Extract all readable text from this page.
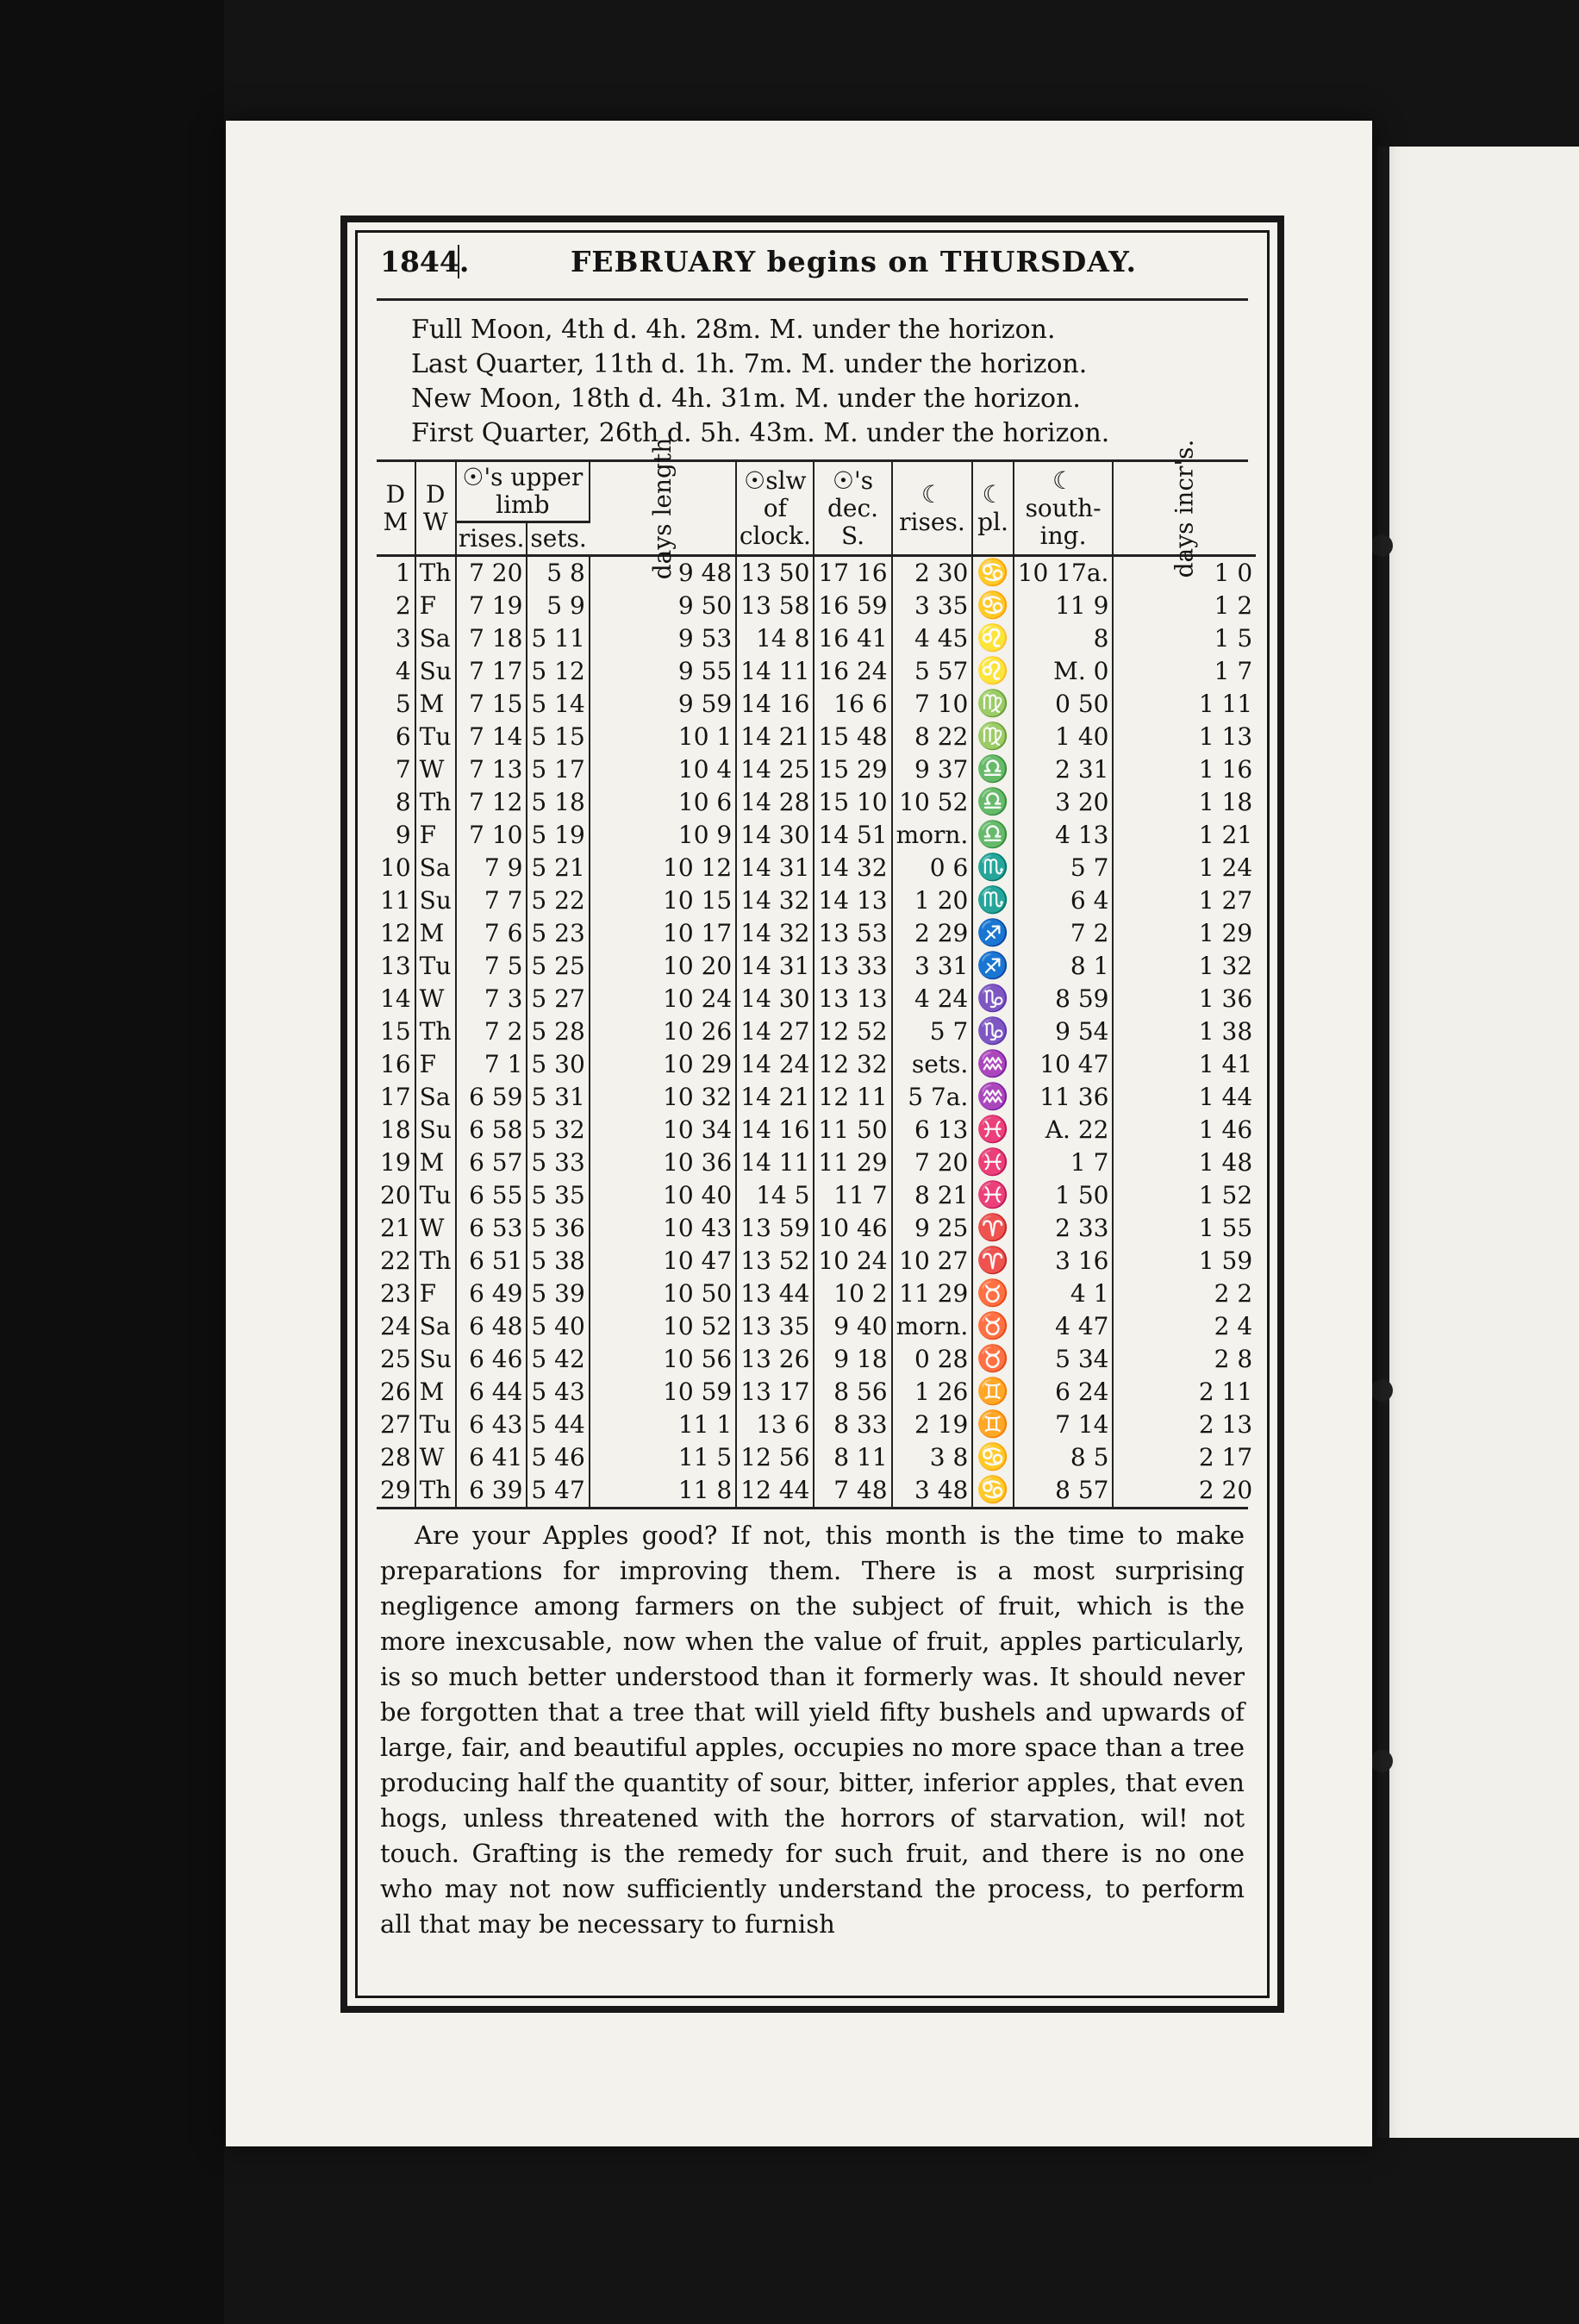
1844.	FEBRUARY begins on THURSDAY.
Full Moon, 4th d. 4h. 28m. M. under the horizon.
Last Quarter, 11th d. 1h. 7m. M. under the horizon.
New Moon, 18th d. 4h. 31m. M. under the horizon.
First Quarter, 26th d. 5h. 43m. M. under the horizon.
D M	D W	☉'s upper limb		days length	☉slw of clock.	☉'s dec. S.	☾ rises.	☾ pl.	☾ south-ing.	days incr's.
		rises.	sets.							
1	Th	7 20	5 8	9 48	13 50	17 16	2 30	♋	10 17a.	1 0
2	F	7 19	5 9	9 50	13 58	16 59	3 35	♋	11 9	1 2
3	Sa	7 18	5 11	9 53	14 8	16 41	4 45	♌	8	1 5
4	Su	7 17	5 12	9 55	14 11	16 24	5 57	♌	M. 0	1 7
5	M	7 15	5 14	9 59	14 16	16 6	7 10	♍	0 50	1 11
6	Tu	7 14	5 15	10 1	14 21	15 48	8 22	♍	1 40	1 13
7	W	7 13	5 17	10 4	14 25	15 29	9 37	♎	2 31	1 16
8	Th	7 12	5 18	10 6	14 28	15 10	10 52	♎	3 20	1 18
9	F	7 10	5 19	10 9	14 30	14 51	morn.	♎	4 13	1 21
10	Sa	7 9	5 21	10 12	14 31	14 32	0 6	♏	5 7	1 24
11	Su	7 7	5 22	10 15	14 32	14 13	1 20	♏	6 4	1 27
12	M	7 6	5 23	10 17	14 32	13 53	2 29	♐	7 2	1 29
13	Tu	7 5	5 25	10 20	14 31	13 33	3 31	♐	8 1	1 32
14	W	7 3	5 27	10 24	14 30	13 13	4 24	♑	8 59	1 36
15	Th	7 2	5 28	10 26	14 27	12 52	5 7	♑	9 54	1 38
16	F	7 1	5 30	10 29	14 24	12 32	sets.	♒	10 47	1 41
17	Sa	6 59	5 31	10 32	14 21	12 11	5 7a.	♒	11 36	1 44
18	Su	6 58	5 32	10 34	14 16	11 50	6 13	♓	A. 22	1 46
19	M	6 57	5 33	10 36	14 11	11 29	7 20	♓	1 7	1 48
20	Tu	6 55	5 35	10 40	14 5	11 7	8 21	♓	1 50	1 52
21	W	6 53	5 36	10 43	13 59	10 46	9 25	♈	2 33	1 55
22	Th	6 51	5 38	10 47	13 52	10 24	10 27	♈	3 16	1 59
23	F	6 49	5 39	10 50	13 44	10 2	11 29	♉	4 1	2 2
24	Sa	6 48	5 40	10 52	13 35	9 40	morn.	♉	4 47	2 4
25	Su	6 46	5 42	10 56	13 26	9 18	0 28	♉	5 34	2 8
26	M	6 44	5 43	10 59	13 17	8 56	1 26	♊	6 24	2 11
27	Tu	6 43	5 44	11 1	13 6	8 33	2 19	♊	7 14	2 13
28	W	6 41	5 46	11 5	12 56	8 11	3 8	♋	8 5	2 17
29	Th	6 39	5 47	11 8	12 44	7 48	3 48	♋	8 57	2 20
Are your Apples good? If not, this month is the time to make preparations for improving them. There is a most surprising negligence among farmers on the subject of fruit, which is the more inexcusable, now when the value of fruit, apples particularly, is so much better understood than it formerly was. It should never be forgotten that a tree that will yield fifty bushels and upwards of large, fair, and beautiful apples, occupies no more space than a tree producing half the quantity of sour, bitter, inferior apples, that even hogs, unless threatened with the horrors of starvation, wil! not touch. Grafting is the remedy for such fruit, and there is no one who may not now sufficiently understand the process, to perform all that may be necessary to furnish
